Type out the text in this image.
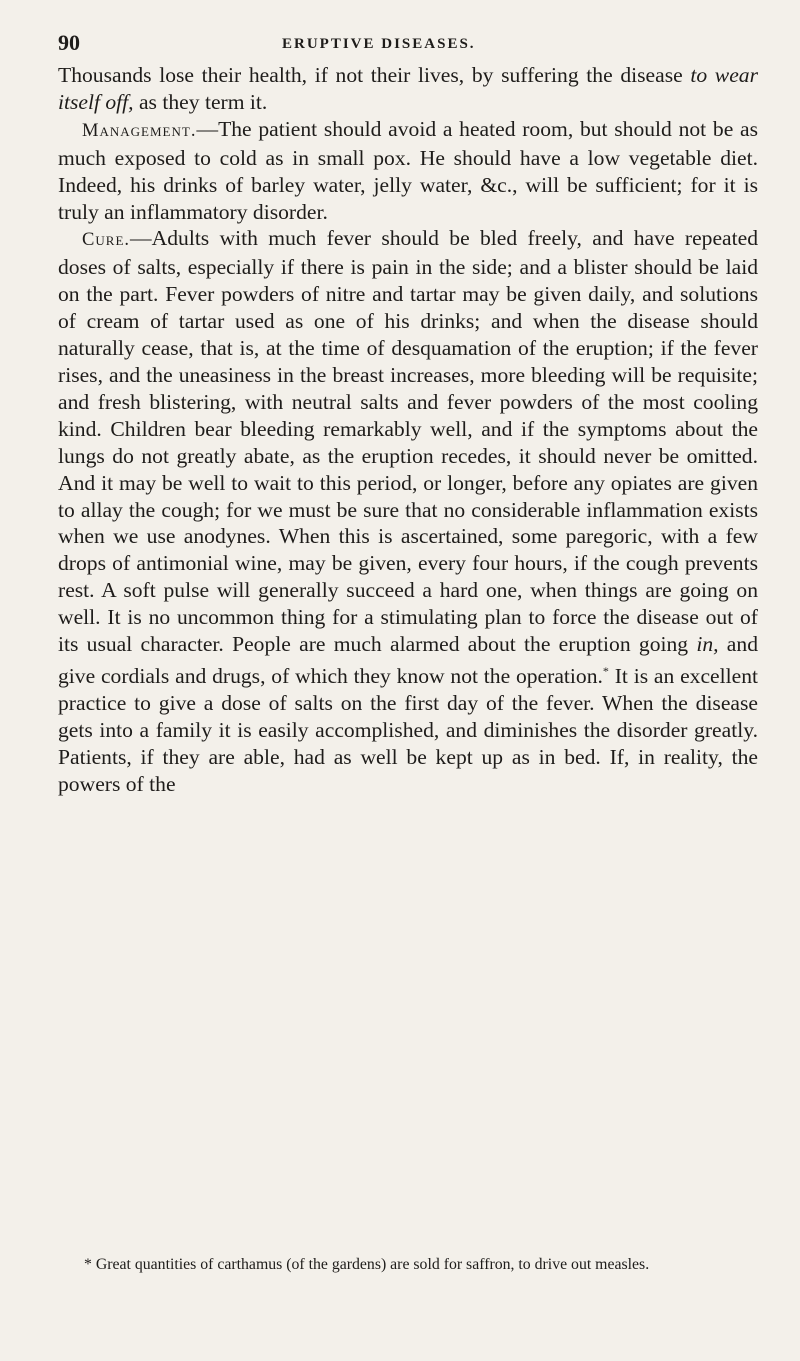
90	ERUPTIVE DISEASES.

Thousands lose their health, if not their lives, by suffering the disease to wear itself off, as they term it.

Management.—The patient should avoid a heated room, but should not be as much exposed to cold as in small pox. He should have a low vegetable diet. Indeed, his drinks of barley water, jelly water, &c., will be sufficient; for it is truly an inflammatory disorder.

Cure.—Adults with much fever should be bled freely, and have repeated doses of salts, especially if there is pain in the side; and a blister should be laid on the part. Fever powders of nitre and tartar may be given daily, and solutions of cream of tartar used as one of his drinks; and when the disease should naturally cease, that is, at the time of desquamation of the eruption; if the fever rises, and the uneasiness in the breast increases, more bleeding will be requisite; and fresh blistering, with neutral salts and fever powders of the most cooling kind. Children bear bleeding remarkably well, and if the symptoms about the lungs do not greatly abate, as the eruption recedes, it should never be omitted. And it may be well to wait to this period, or longer, before any opiates are given to allay the cough; for we must be sure that no considerable inflammation exists when we use anodynes. When this is ascertained, some paregoric, with a few drops of antimonial wine, may be given, every four hours, if the cough prevents rest. A soft pulse will generally succeed a hard one, when things are going on well. It is no uncommon thing for a stimulating plan to force the disease out of its usual character. People are much alarmed about the eruption going in, and give cordials and drugs, of which they know not the operation.* It is an excellent practice to give a dose of salts on the first day of the fever. When the disease gets into a family it is easily accomplished, and diminishes the disorder greatly. Patients, if they are able, had as well be kept up as in bed. If, in reality, the powers of the

* Great quantities of carthamus (of the gardens) are sold for saffron, to drive out measles.
